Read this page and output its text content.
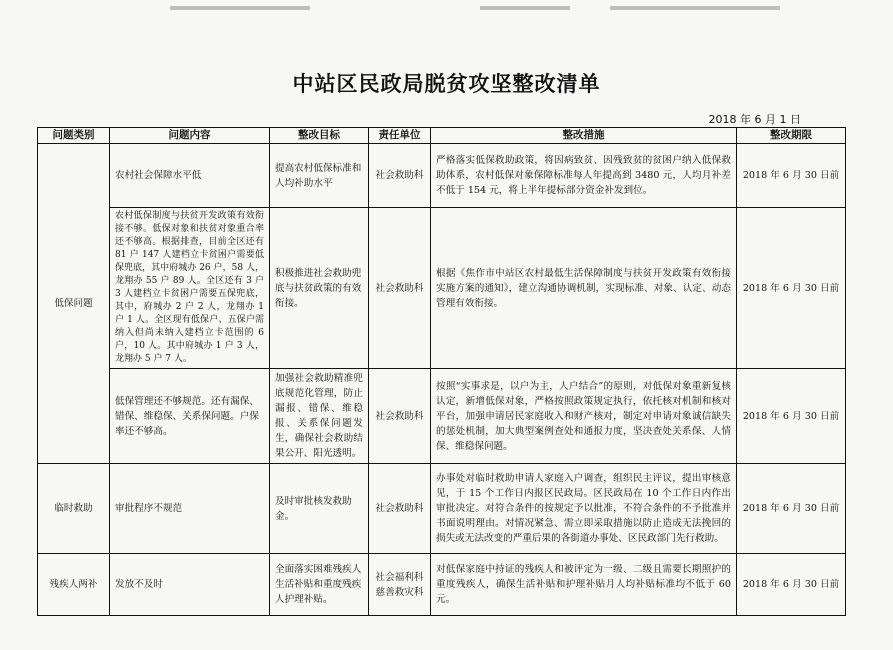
中站区民政局脱贫攻坚整改清单
2018 年 6 月 1 日
问题类别	问题内容	整改目标	责任单位	整改措施	整改期限
低保问题	农村社会保障水平低	提高农村低保标准和人均补助水平	社会救助科	严格落实低保救助政策，将因病致贫、因残致贫的贫困户纳入低保救助体系，农村低保对象保障标准每人年提高到 3480 元，人均月补差不低于 154 元，将上半年提标部分资金补发到位。	2018 年 6 月 30 日前
	农村低保制度与扶贫开发政策有效衔接不够。低保对象和扶贫对象重合率还不够高。根据排查，目前全区还有 81 户 147 人建档立卡贫困户需要低保兜底，其中府城办 26 户，58 人，龙翔办 55 户 89 人。全区还有 3 户 3 人建档立卡贫困户需要五保兜底，其中，府城办 2 户 2 人，龙翔办 1 户 1 人。全区现有低保户、五保户需纳入但尚未纳入建档立卡范围的 6 户，10 人。其中府城办 1 户 3 人，龙翔办 5 户 7 人。	积极推进社会救助兜底与扶贫政策的有效衔接。	社会救助科	根据《焦作市中站区农村最低生活保障制度与扶贫开发政策有效衔接实施方案的通知》，建立沟通协调机制，实现标准、对象、认定、动态管理有效衔接。	2018 年 6 月 30 日前
	低保管理还不够规范。还有漏保、错保、维稳保、关系保问题。户保率还不够高。	加强社会救助精准兜底规范化管理，防止漏报、错保、维稳报、关系保问题发生，确保社会救助结果公开、阳光透明。	社会救助科	按照“实事求是，以户为主，人户结合”的原则，对低保对象重新复核认定，新增低保对象，严格按照政策规定执行，依托核对机制和核对平台，加强申请居民家庭收入和财产核对，制定对申请对象诚信缺失的惩处机制，加大典型案例查处和通报力度，坚决查处关系保、人情保、维稳保问题。	2018 年 6 月 30 日前
临时救助	审批程序不规范	及时审批核发救助金。	社会救助科	办事处对临时救助申请人家庭入户调查，组织民主评议，提出审核意见，于 15 个工作日内报区民政局。区民政局在 10 个工作日内作出审批决定。对符合条件的按规定予以批准，不符合条件的不予批准并书面说明理由。对情况紧急、需立即采取措施以防止造成无法挽回的损失或无法改变的严重后果的各街道办事处、区民政部门先行救助。	2018 年 6 月 30 日前
残疾人两补	发放不及时	全面落实困难残疾人生活补贴和重度残疾人护理补贴。	社会福利科 慈善救灾科	对低保家庭中持证的残疾人和被评定为一级、二级且需要长期照护的重度残疾人，确保生活补贴和护理补贴月人均补贴标准均不低于 60 元。	2018 年 6 月 30 日前
